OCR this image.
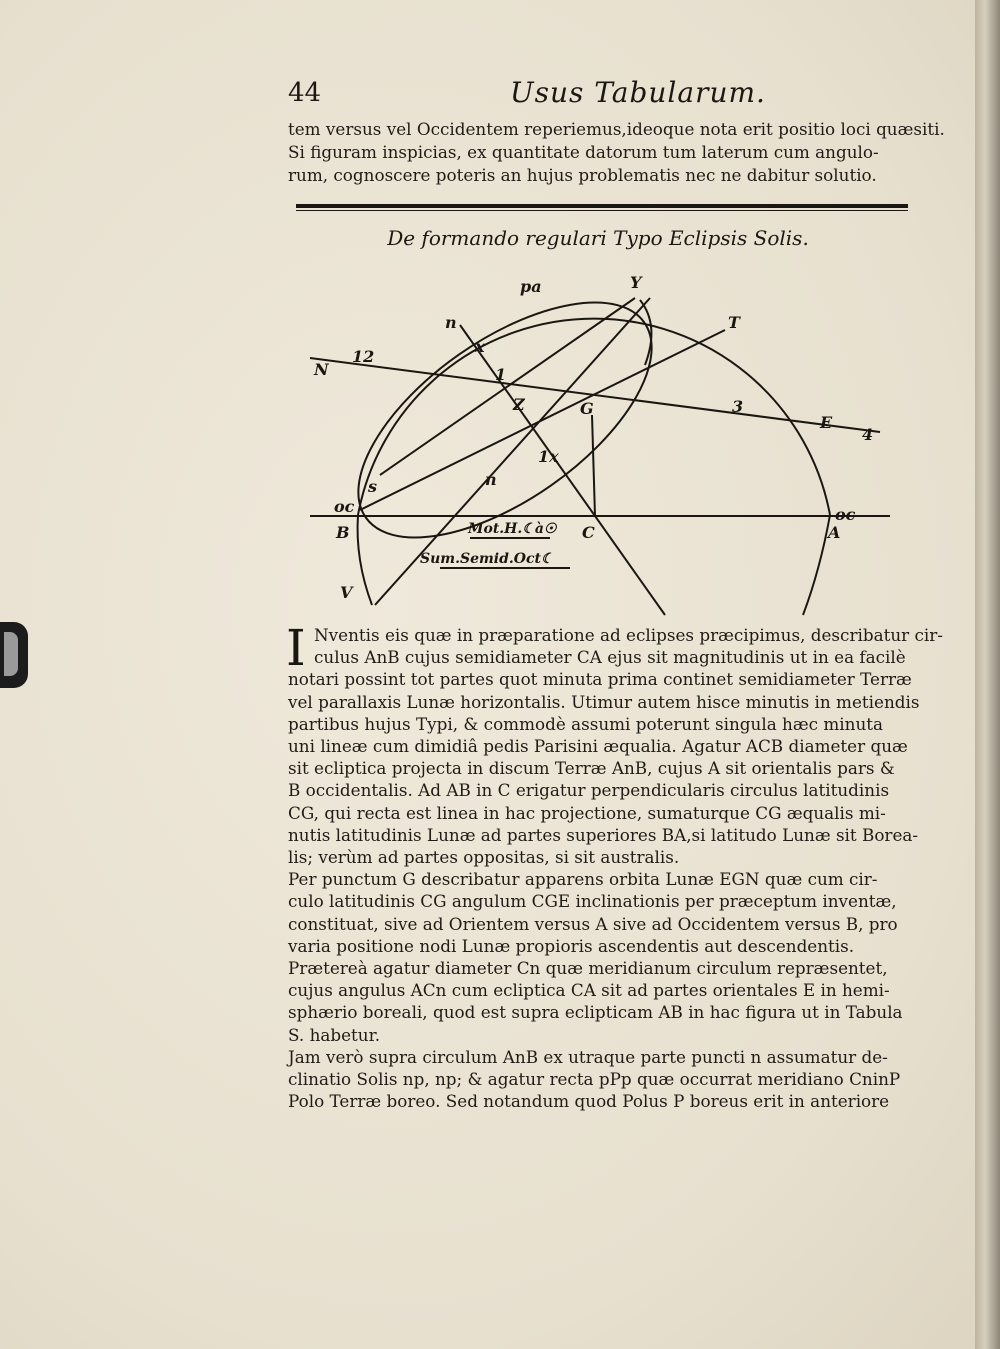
44	Usus Tabularum.
tem versus vel Occidentem reperiemus,ideoque nota erit positio loci quæsiti.
Si figuram inspicias, ex quantitate datorum tum laterum cum angulo-
rum, cognoscere poteris an hujus problematis nec ne dabitur solutio.
De formando regulari Typo Eclipsis Solis.
N
12
pa	Y
T
n
x
1
Z	G	3
E
4
1x
n
s
oc	oc
B	C	A
V
Mot.H.☾à☉
Sum.Semid.Oct☾
I Nventis eis quæ in præparatione ad eclipses præcipimus, describatur cir-
culus AnB cujus semidiameter CA ejus sit magnitudinis ut in ea facilè
notari possint tot partes quot minuta prima continet semidiameter Terræ
vel parallaxis Lunæ horizontalis. Utimur autem hisce minutis in metiendis
partibus hujus Typi, & commodè assumi poterunt singula hæc minuta
uni lineæ cum dimidiâ pedis Parisini æqualia. Agatur ACB diameter quæ
sit ecliptica projecta in discum Terræ AnB, cujus A sit orientalis pars &
B occidentalis. Ad AB in C erigatur perpendicularis circulus latitudinis
CG, qui recta est linea in hac projectione, sumaturque CG æqualis mi-
nutis latitudinis Lunæ ad partes superiores BA,si latitudo Lunæ sit Borea-
lis; verùm ad partes oppositas, si sit australis.
Per punctum G describatur apparens orbita Lunæ EGN quæ cum cir-
culo latitudinis CG angulum CGE inclinationis per præceptum inventæ,
constituat, sive ad Orientem versus A sive ad Occidentem versus B, pro
varia positione nodi Lunæ propioris ascendentis aut descendentis.
Prætereà agatur diameter Cn quæ meridianum circulum repræsentet,
cujus angulus ACn cum ecliptica CA sit ad partes orientales E in hemi-
sphærio boreali, quod est supra eclipticam AB in hac figura ut in Tabula
S. habetur.
Jam verò supra circulum AnB ex utraque parte puncti n assumatur de-
clinatio Solis np, np; & agatur recta pPp quæ occurrat meridiano CninP
Polo Terræ boreo. Sed notandum quod Polus P boreus erit in anteriore
